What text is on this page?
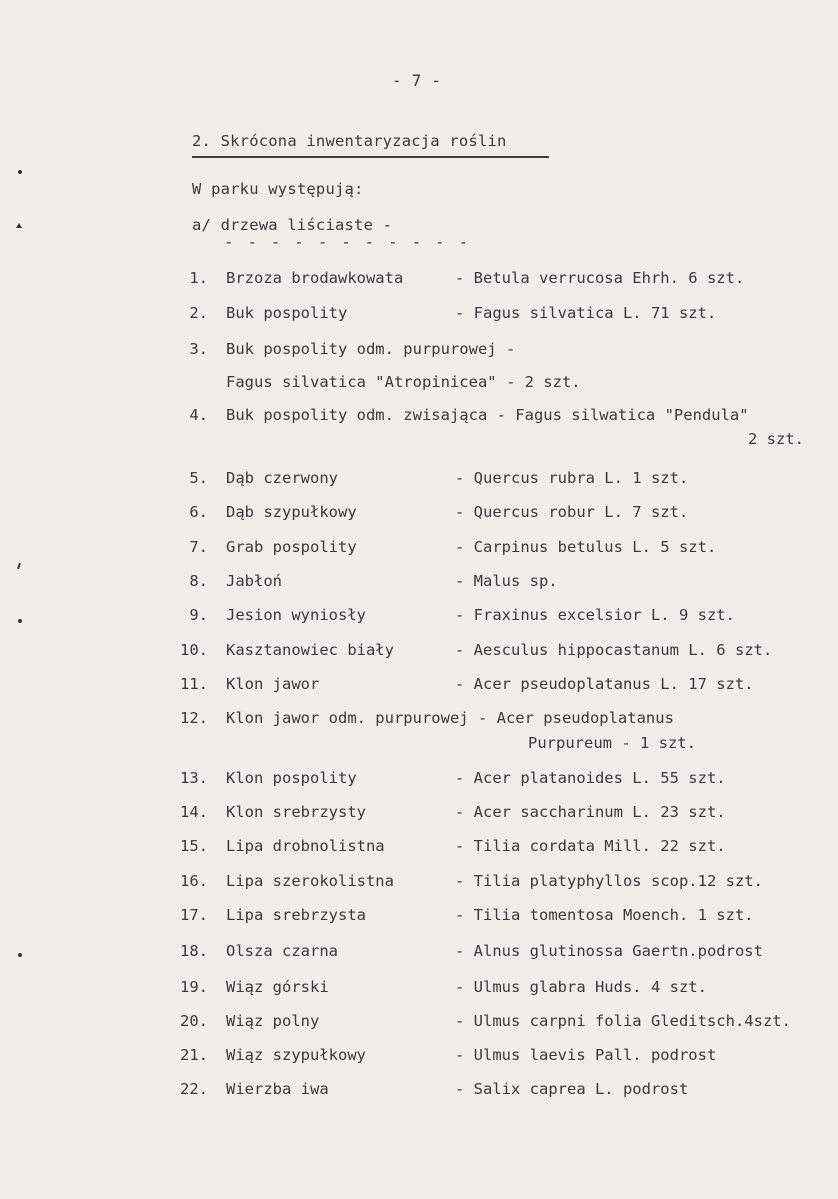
- 7 -
2. Skrócona inwentaryzacja roślin
W parku występują:
a/ drzewa liściaste -
- - - - - - - - - - -
1. Brzoza brodawkowata	- Betula verrucosa Ehrh. 6 szt.
2. Buk pospolity	- Fagus silvatica L. 71 szt.
3. Buk pospolity odm. purpurowej -
Fagus silvatica "Atropinicea" - 2 szt.
4. Buk pospolity odm. zwisająca - Fagus silwatica "Pendula"
2 szt.
5. Dąb czerwony	- Quercus rubra L. 1 szt.
6. Dąb szypułkowy	- Quercus robur L. 7 szt.
7. Grab pospolity	- Carpinus betulus L. 5 szt.
8. Jabłoń	- Malus sp.
9. Jesion wyniosły	- Fraxinus excelsior L. 9 szt.
10. Kasztanowiec biały	- Aesculus hippocastanum L. 6 szt.
11. Klon jawor	- Acer pseudoplatanus L. 17 szt.
12. Klon jawor odm. purpurowej - Acer pseudoplatanus
Purpureum - 1 szt.
13. Klon pospolity	- Acer platanoides L. 55 szt.
14. Klon srebrzysty	- Acer saccharinum L. 23 szt.
15. Lipa drobnolistna	- Tilia cordata Mill. 22 szt.
16. Lipa szerokolistna	- Tilia platyphyllos scop.12 szt.
17. Lipa srebrzysta	- Tilia tomentosa Moench. 1 szt.
18. Olsza czarna	- Alnus glutinossa Gaertn.podrost
19. Wiąz górski	- Ulmus glabra Huds. 4 szt.
20. Wiąz polny	- Ulmus carpni folia Gleditsch.4szt.
21. Wiąz szypułkowy	- Ulmus laevis Pall. podrost
22. Wierzba iwa	- Salix caprea L. podrost
